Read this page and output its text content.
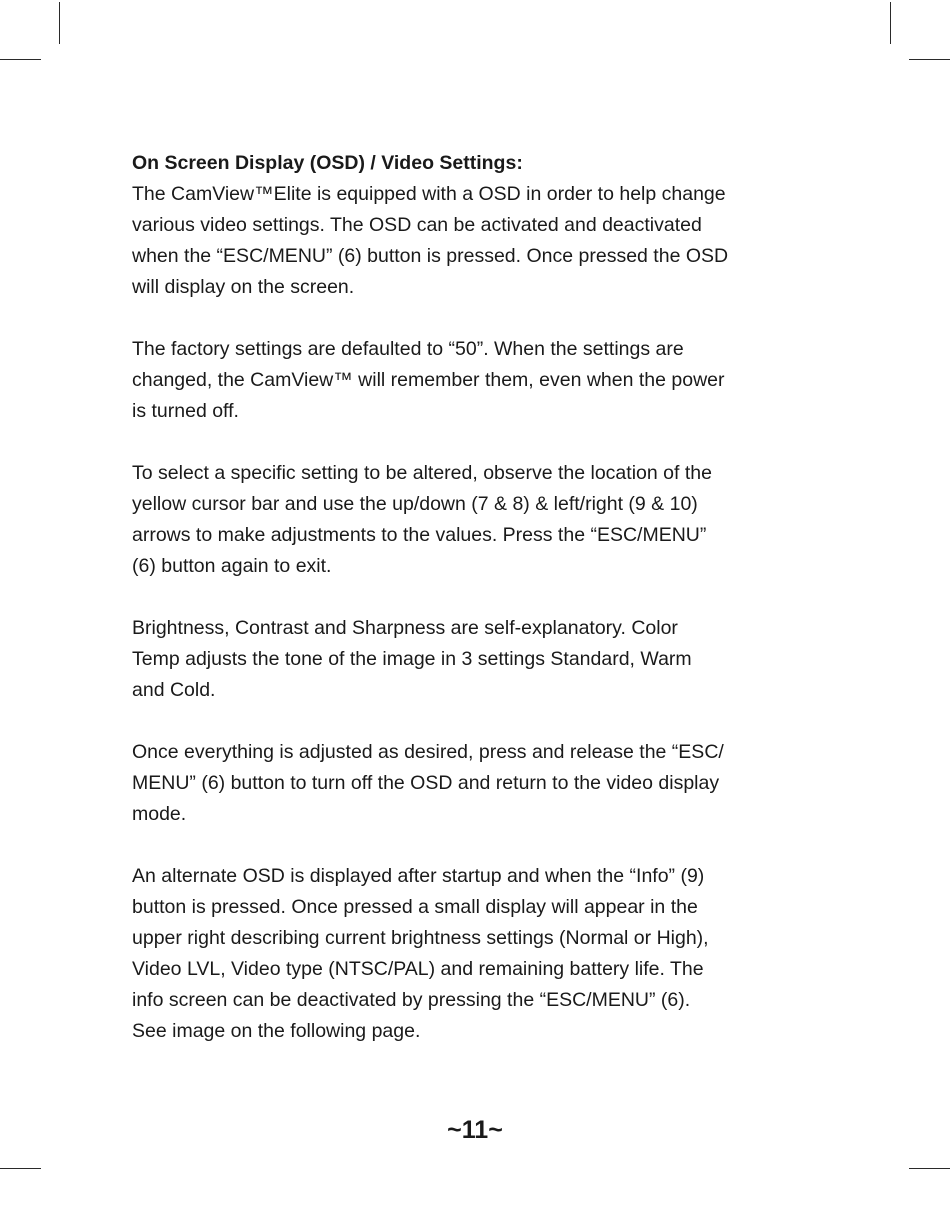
On Screen Display (OSD) / Video Settings:

The CamView™Elite is equipped with a OSD in order to help change
various video settings. The OSD can be activated and deactivated
when the “ESC/MENU” (6) button is pressed. Once pressed the OSD
will display on the screen.

The factory settings are defaulted to “50”. When the settings are
changed, the CamView™ will remember them, even when the power
is turned off.

To select a specific setting to be altered, observe the location of the
yellow cursor bar and use the up/down (7 & 8) & left/right (9 & 10)
arrows to make adjustments to the values. Press the “ESC/MENU”
(6) button again to exit.

Brightness, Contrast and Sharpness are self-explanatory. Color
Temp adjusts the tone of the image in 3 settings Standard, Warm
and Cold.

Once everything is adjusted as desired, press and release the “ESC/
MENU” (6) button to turn off the OSD and return to the video display
mode.

An alternate OSD is displayed after startup and when the “Info” (9)
button is pressed. Once pressed a small display will appear in the
upper right describing current brightness settings (Normal or High),
Video LVL, Video type (NTSC/PAL) and remaining battery life. The
info screen can be deactivated by pressing the “ESC/MENU” (6).
See image on the following page.

~11~
